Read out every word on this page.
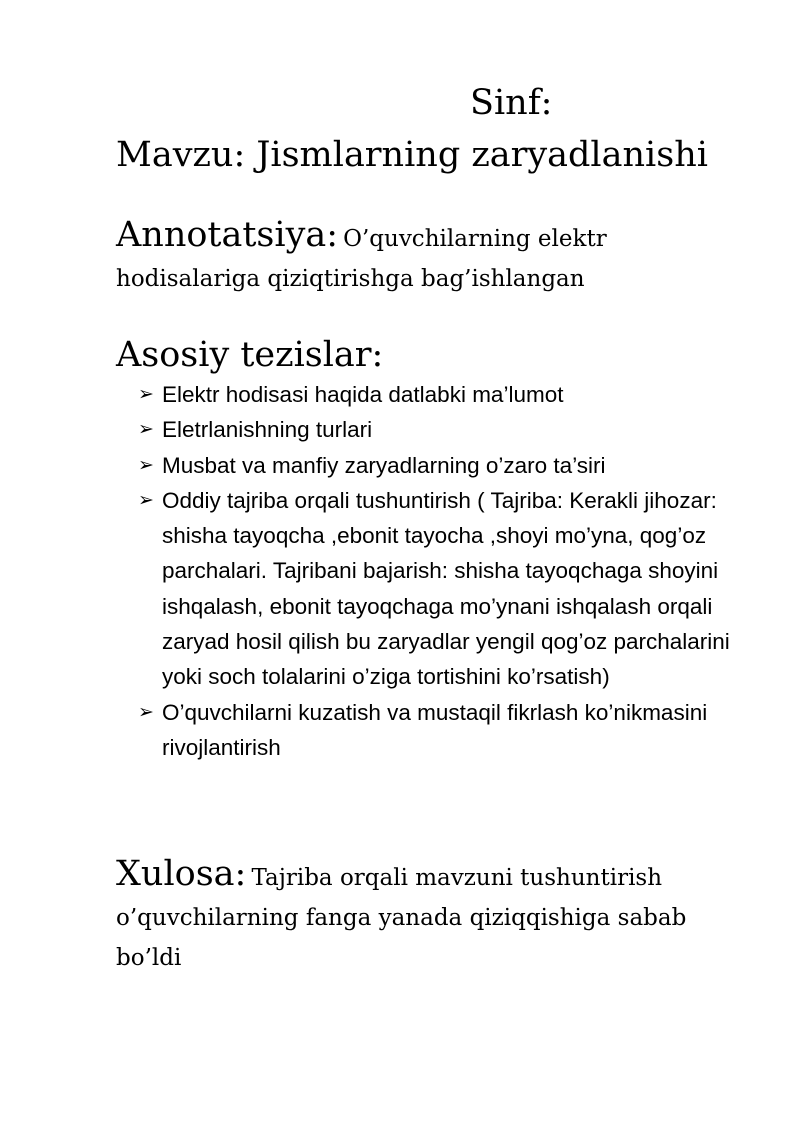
Sinf:
Mavzu: Jismlarning zaryadlanishi

Annotatsiya: O’quvchilarning elektr hodisalariga qiziqtirishga bag’ishlangan

Asosiy tezislar:
➢ Elektr hodisasi haqida datlabki ma’lumot
➢ Eletrlanishning turlari
➢ Musbat va manfiy zaryadlarning o’zaro ta’siri
➢ Oddiy tajriba orqali tushuntirish ( Tajriba: Kerakli jihozar: shisha tayoqcha ,ebonit tayocha ,shoyi mo’yna, qog’oz parchalari. Tajribani bajarish: shisha tayoqchaga shoyini ishqalash, ebonit tayoqchaga mo’ynani ishqalash orqali zaryad hosil qilish bu zaryadlar yengil qog’oz parchalarini yoki soch tolalarini o’ziga tortishini ko’rsatish)
➢ O’quvchilarni kuzatish va mustaqil fikrlash ko’nikmasini rivojlantirish

Xulosa: Tajriba orqali mavzuni tushuntirish o’quvchilarning fanga yanada qiziqqishiga sabab bo’ldi
